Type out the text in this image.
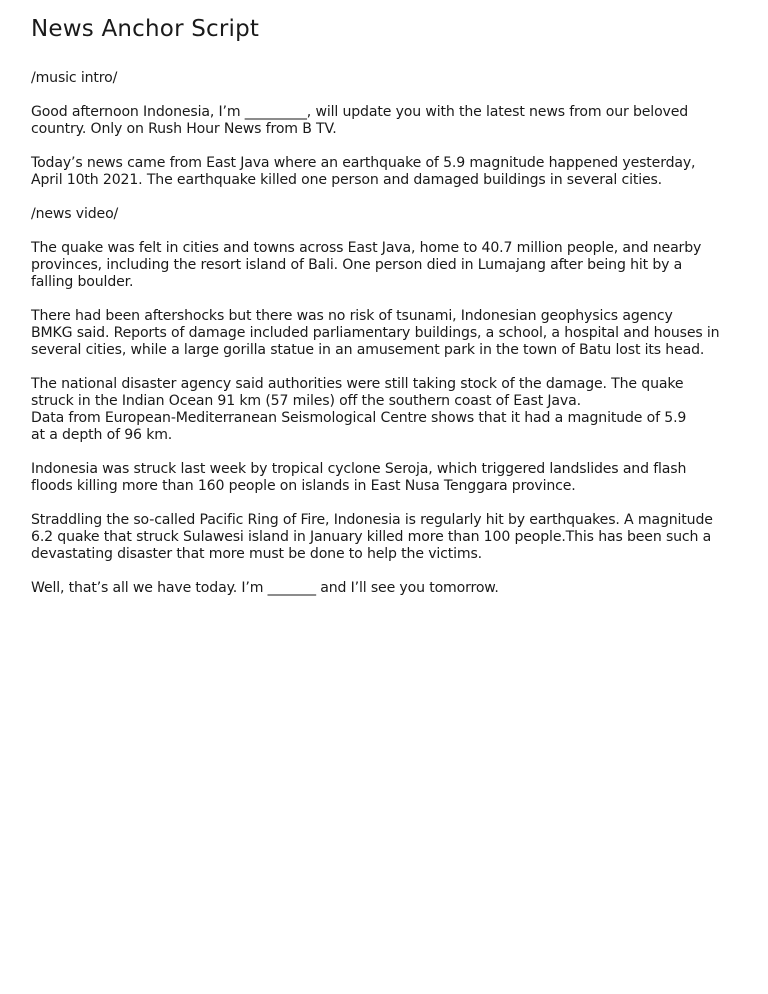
News Anchor Script

/music intro/

Good afternoon Indonesia, I’m _________, will update you with the latest news from our beloved
country. Only on Rush Hour News from B TV.

Today’s news came from East Java where an earthquake of 5.9 magnitude happened yesterday,
April 10th 2021. The earthquake killed one person and damaged buildings in several cities.

/news video/

The quake was felt in cities and towns across East Java, home to 40.7 million people, and nearby
provinces, including the resort island of Bali. One person died in Lumajang after being hit by a
falling boulder.

There had been aftershocks but there was no risk of tsunami, Indonesian geophysics agency
BMKG said. Reports of damage included parliamentary buildings, a school, a hospital and houses in
several cities, while a large gorilla statue in an amusement park in the town of Batu lost its head.

The national disaster agency said authorities were still taking stock of the damage. The quake
struck in the Indian Ocean 91 km (57 miles) off the southern coast of East Java.
Data from European-Mediterranean Seismological Centre shows that it had a magnitude of 5.9
at a depth of 96 km.

Indonesia was struck last week by tropical cyclone Seroja, which triggered landslides and flash
floods killing more than 160 people on islands in East Nusa Tenggara province.

Straddling the so-called Pacific Ring of Fire, Indonesia is regularly hit by earthquakes. A magnitude
6.2 quake that struck Sulawesi island in January killed more than 100 people.This has been such a
devastating disaster that more must be done to help the victims.

Well, that’s all we have today. I’m _______ and I’ll see you tomorrow.
